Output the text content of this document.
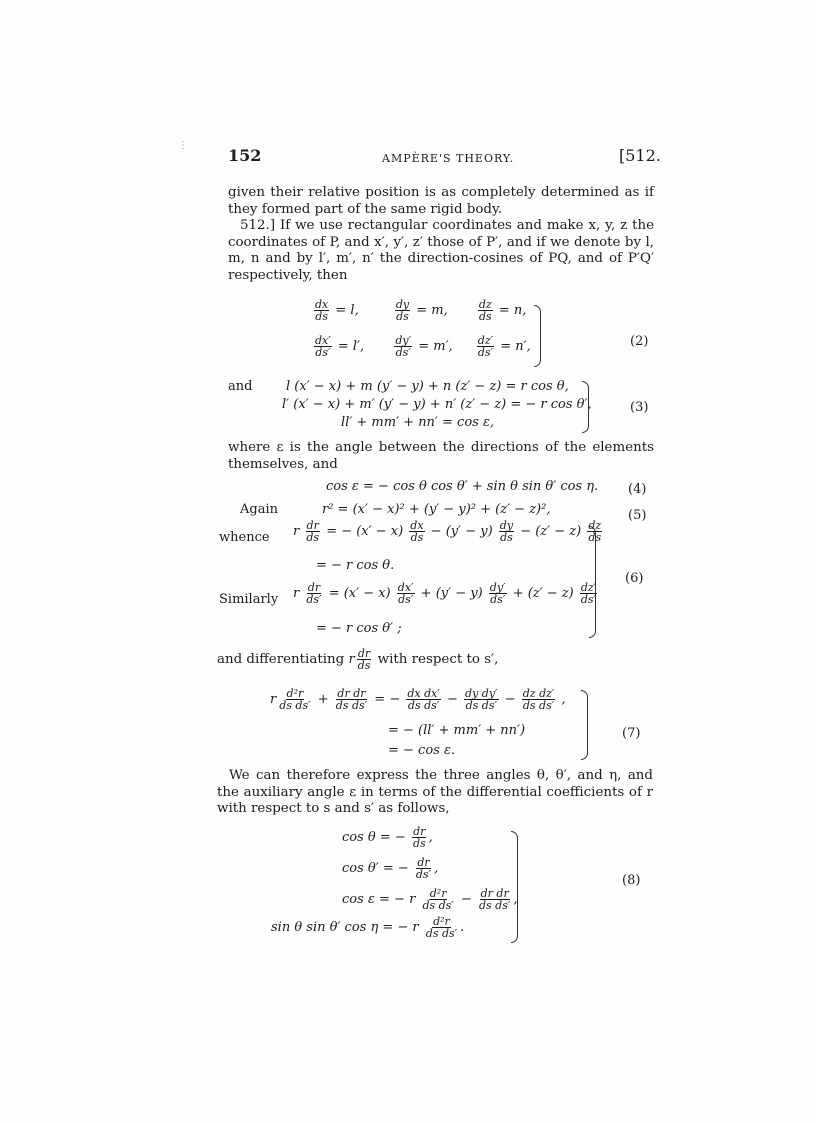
152	AMPÈRE'S THEORY.	[512.
given their relative position is as completely determined as if they formed part of the same rigid body.
512.] If we use rectangular coordinates and make x, y, z the coordinates of P, and x′, y′, z′ those of P′, and if we denote by l, m, n and by l′, m′, n′ the direction-cosines of PQ, and of P′Q′ respectively, then
$\frac{dx}{ds} = l$,	$\frac{dy}{ds} = m$,	$\frac{dz}{ds} = n$,
$\frac{dx'}{ds'} = l'$,	$\frac{dy'}{ds'} = m'$, $\frac{dz'}{ds'} = n'$,	(2)
and	l (x′ − x) + m (y′ − y) + n (z′ − z) = r cos θ,
l′ (x′ − x) + m′ (y′ − y) + n′ (z′ − z) = − r cos θ′,
ll′ + mm′ + nn′ = cos ε,
(3)
where ε is the angle between the directions of the elements themselves, and
cos ε = − cos θ cos θ′ + sin θ sin θ′ cos η. (4)
Again	r² = (x′ − x)² + (y′ − y)² + (z′ − z)²,	(5)
whence r $\frac{dr}{ds}$ = − $(x' - x) \frac{dx}{ds} - (y' - y) \frac{dy}{ds} - (z' - z) \frac{dz}{ds}$
= − r cos θ.
Similarly r $\frac{dr}{ds'} = (x' - x) \frac{dx'}{ds'} + (y' - y) \frac{dy'}{ds'} + (z' - z) \frac{dz'}{ds'}$
= − r cos θ′ ;
(6)
and differentiating r $\frac{dr}{ds}$ with respect to s′,
r $\frac{\text{d²r}}{\text{ds ds′}} + \frac{\text{dr dr}}{\text{ds ds′}}$ = − $\frac{\text{dx dx′}}{\text{ds ds′}} - \frac{\text{dy dy′}}{\text{ds ds′}} - \frac{\text{dz dz′}}{\text{ds ds′}}$ ,
= − (ll′ + mm′ + nn′)
= − cos ε.
(7)
We can therefore express the three angles θ, θ′, and η, and the auxiliary angle ε in terms of the differential coefficients of r with respect to s and s′ as follows,
cos θ = − $\frac{dr}{ds}$ ,
cos θ′ = − $\frac{dr}{ds'}$ ,
cos ε = − r $\frac{\text{d²r}}{\text{ds ds′}} - \frac{\text{dr dr}}{\text{ds ds′}}$ ,
sin θ sin θ′ cos η = − r $\frac{\text{d²r}}{\text{ds ds′}}$ .
(8)
⋮
